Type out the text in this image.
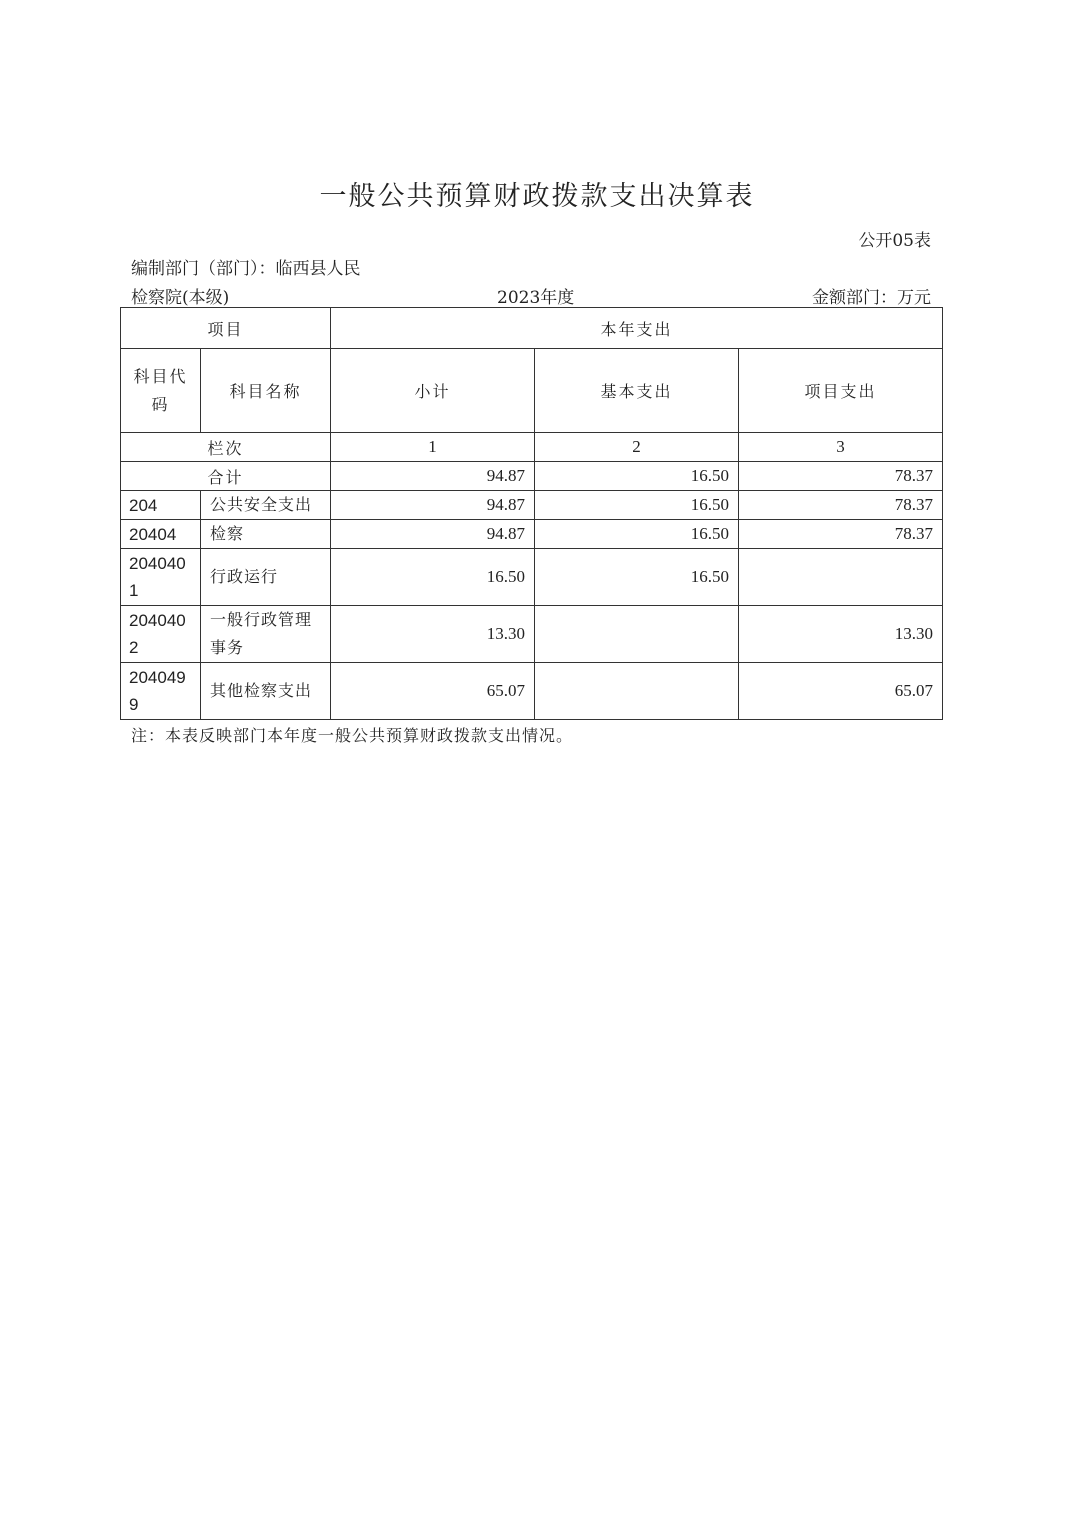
一般公共预算财政拨款支出决算表
公开05表
编制部门（部门）：临西县人民
检察院(本级)	2023年度	金额部门：万元
项目		本年支出		
科目代码	科目名称	小计	基本支出	项目支出
栏次		1	2	3
合计		94.87	16.50	78.37
204	公共安全支出	94.87	16.50	78.37
20404	检察	94.87	16.50	78.37
2040401	行政运行	16.50	16.50	
2040402	一般行政管理事务	13.30		13.30
2040499	其他检察支出	65.07		65.07
注：本表反映部门本年度一般公共预算财政拨款支出情况。
